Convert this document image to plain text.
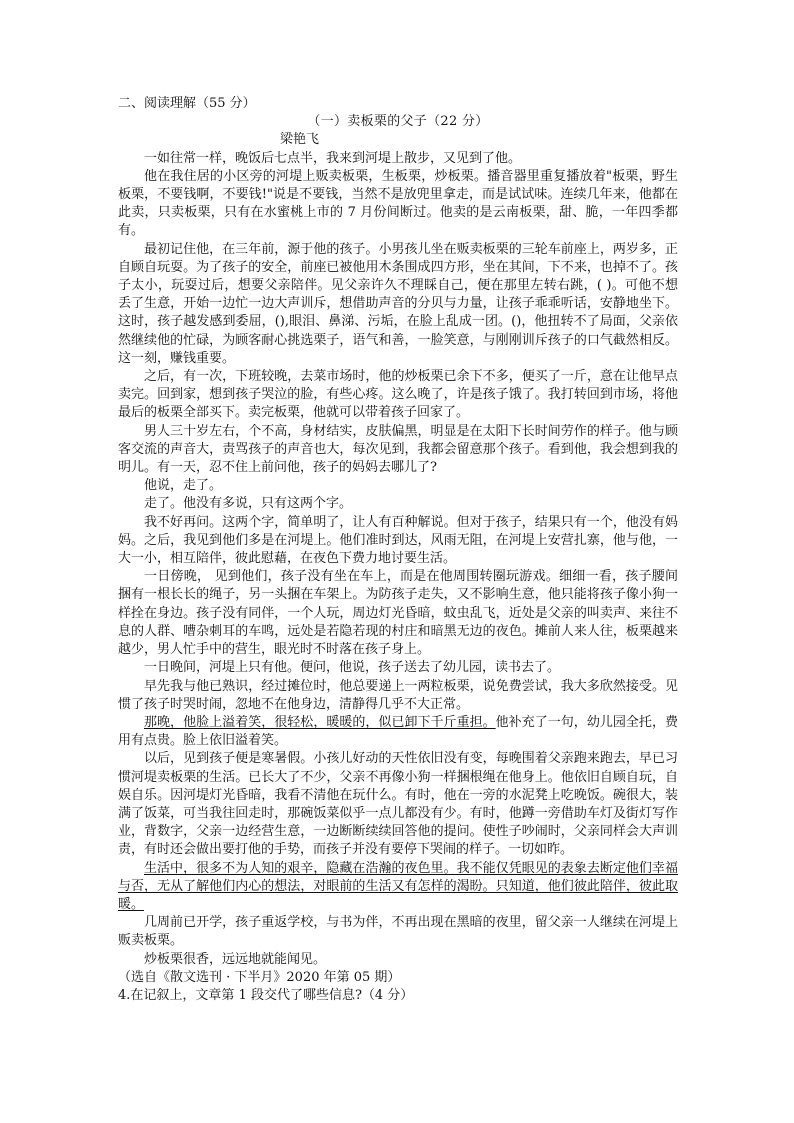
二、阅读理解（55 分）

（一）卖板栗的父子（22 分）

梁艳飞

一如往常一样，晚饭后七点半，我来到河堤上散步，又见到了他。

他在我住居的小区旁的河堤上贩卖板栗，生板栗，炒板栗。播音器里重复播放着"板栗，野生板栗，不要钱啊，不要钱!"说是不要钱，当然不是放兜里拿走，而是试试味。连续几年来，他都在此卖，只卖板栗，只有在水蜜桃上市的 7 月份间断过。他卖的是云南板栗，甜、脆，一年四季都有。

最初记住他，在三年前，源于他的孩子。小男孩儿坐在贩卖板栗的三轮车前座上，两岁多，正自顾自玩耍。为了孩子的安全，前座已被他用木条围成四方形，坐在其间，下不来，也掉不了。孩子太小，玩耍过后，想要父亲陪伴。见父亲许久不理睬自己，便在那里左转右跳，( )。可他不想丢了生意，开始一边忙一边大声训斥，想借助声音的分贝与力量，让孩子乖乖听话，安静地坐下。这时，孩子越发感到委屈，(),眼泪、鼻涕、污垢，在脸上乱成一团。()，他扭转不了局面，父亲依然继续他的忙碌，为顾客耐心挑选栗子，语气和善，一脸笑意，与刚刚训斥孩子的口气截然相反。这一刻，赚钱重要。

之后，有一次，下班较晚，去菜市场时，他的炒板栗已余下不多，便买了一斤，意在让他早点卖完。回到家，想到孩子哭泣的脸，有些心疼。这么晚了，许是孩子饿了。我打转回到市场，将他最后的板栗全部买下。卖完板栗，他就可以带着孩子回家了。

男人三十岁左右，个不高，身材结实，皮肤偏黑，明显是在太阳下长时间劳作的样子。他与顾客交流的声音大，责骂孩子的声音也大，每次见到，我都会留意那个孩子。看到他，我会想到我的明儿。有一天，忍不住上前问他，孩子的妈妈去哪儿了?

他说，走了。

走了。他没有多说，只有这两个字。

我不好再问。这两个字，简单明了，让人有百种解说。但对于孩子，结果只有一个，他没有妈妈。之后，我见到他们多是在河堤上。他们准时到达，风雨无阻，在河堤上安营扎寨，他与他，一大一小，相互陪伴，彼此慰藉，在夜色下费力地讨要生活。

一日傍晚， 见到他们，孩子没有坐在车上，而是在他周围转圈玩游戏。细细一看，孩子腰间捆有一根长长的绳子，另一头捆在车架上。为防孩子走失，又不影响生意，他只能将孩子像小狗一样拴在身边。孩子没有同伴，一个人玩，周边灯光昏暗，蚊虫乱飞，近处是父亲的叫卖声、来往不息的人群、嘈杂刺耳的车鸣，远处是若隐若现的村庄和暗黑无边的夜色。摊前人来人往，板栗越来越少，男人忙手中的营生，眼光时不时落在孩子身上。

一日晚间，河堤上只有他。便问，他说，孩子送去了幼儿园，读书去了。

早先我与他已熟识，经过摊位时，他总要递上一两粒板栗，说免费尝试，我大多欣然接受。见惯了孩子时哭时闹，忽地不在他身边，清静得几乎不大正常。

那晚，他脸上溢着笑，很轻松，暖暖的，似已卸下千斤重担。他补充了一句，幼儿园全托，费用有点贵。脸上依旧溢着笑。

以后，见到孩子便是寒暑假。小孩儿好动的天性依旧没有变，每晚围着父亲跑来跑去，早已习惯河堤卖板栗的生活。已长大了不少，父亲不再像小狗一样捆根绳在他身上。他依旧自顾自玩，自娱自乐。因河堤灯光昏暗，我看不清他在玩什么。有时，他在一旁的水泥凳上吃晚饭。碗很大，装满了饭菜，可当我往回走时，那碗饭菜似乎一点儿都没有少。有时，他蹲一旁借助车灯及街灯写作业，背数字，父亲一边经营生意，一边断断续续回答他的提问。使性子吵闹时，父亲同样会大声训责，有时还会做出要打他的手势，而孩子并没有要停下哭闹的样子。一切如昨。

生活中，很多不为人知的艰辛，隐藏在浩瀚的夜色里。我不能仅凭眼见的表象去断定他们幸福与否，无从了解他们内心的想法，对眼前的生活又有怎样的渴盼。只知道，他们彼此陪伴，彼此取暖。

几周前已开学，孩子重返学校，与书为伴，不再出现在黑暗的夜里，留父亲一人继续在河堤上贩卖板栗。

炒板栗很香，远远地就能闻见。

（选自《散文选刊 · 下半月》2020 年第 05 期）

4.在记叙上，文章第 1 段交代了哪些信息?（4 分）
